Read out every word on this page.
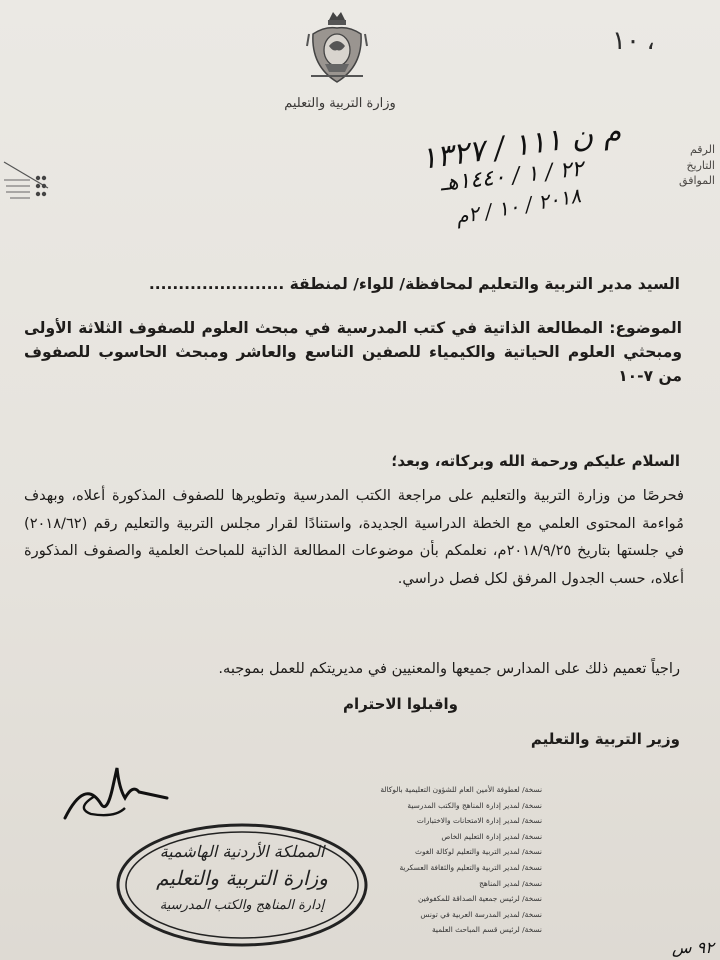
وزارة التربية والتعليم
١٠ ،
الرقم
التاريخ
الموافق
م ن ١١١ / ١٣٢٧
٢٢ / ١ / ١٤٤٠هـ
٢٠١٨ / ١٠ / ٢م
السيد مدير التربية والتعليم لمحافظة/ للواء/ لمنطقة .......................
الموضوع: المطالعة الذاتية في كتب المدرسية في مبحث العلوم للصفوف الثلاثة الأولى ومبحثي العلوم الحياتية والكيمياء للصفين التاسع والعاشر ومبحث الحاسوب للصفوف من ٧-١٠
السلام عليكم ورحمة الله وبركاته، وبعد؛
فحرصًا من وزارة التربية والتعليم على مراجعة الكتب المدرسية وتطويرها للصفوف المذكورة أعلاه، وبهدف مُواءمة المحتوى العلمي مع الخطة الدراسية الجديدة، واستنادًا لقرار مجلس التربية والتعليم رقم (٢٠١٨/٦٢) في جلستها بتاريخ ٢٠١٨/٩/٢٥م، نعلمكم بأن موضوعات المطالعة الذاتية للمباحث العلمية والصفوف المذكورة أعلاه، حسب الجدول المرفق لكل فصل دراسي.
راجياً تعميم ذلك على المدارس جميعها والمعنيين في مديريتكم للعمل بموجبه.
واقبلوا الاحترام
وزير التربية والتعليم
المملكة الأردنية الهاشمية
وزارة التربية والتعليم
إدارة المناهج والكتب المدرسية
نسخة/ لعطوفة الأمين العام للشؤون التعليمية بالوكالة
نسخة/ لمدير إدارة المناهج والكتب المدرسية
نسخة/ لمدير إدارة الامتحانات والاختبارات
نسخة/ لمدير إدارة التعليم الخاص
نسخة/ لمدير التربية والتعليم لوكالة الغوث
نسخة/ لمدير التربية والتعليم والثقافة العسكرية
نسخة/ لمدير المناهج
نسخة/ لرئيس جمعية الصداقة للمكفوفين
نسخة/ لمدير المدرسة العربية في تونس
نسخة/ لرئيس قسم المباحث العلمية
٩٢ س
